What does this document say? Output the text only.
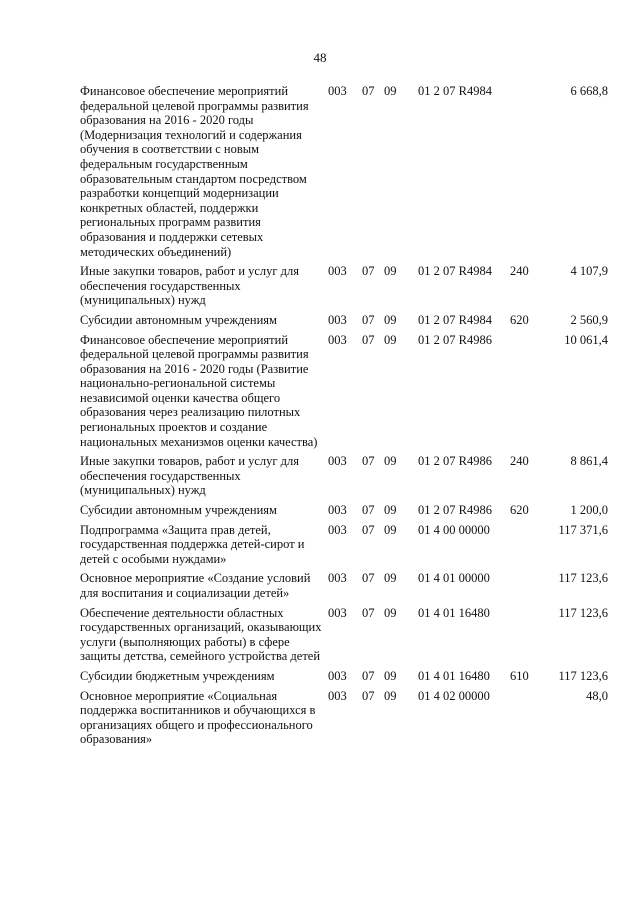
48
Финансовое обеспечение мероприятий федеральной целевой программы развития образования на 2016 - 2020 годы (Модернизация технологий и содержания обучения в соответствии с новым федеральным государственным образовательным стандартом посредством разработки концепций модернизации конкретных областей, поддержки региональных программ развития образования и поддержки сетевых методических объединений)	003	07	09	01 2 07 R4984		6 668,8
Иные закупки товаров, работ и услуг для обеспечения государственных (муниципальных) нужд	003	07	09	01 2 07 R4984	240	4 107,9
Субсидии автономным учреждениям	003	07	09	01 2 07 R4984	620	2 560,9
Финансовое обеспечение мероприятий федеральной целевой программы развития образования на 2016 - 2020 годы (Развитие национально-региональной системы независимой оценки качества общего образования через реализацию пилотных региональных проектов и создание национальных механизмов оценки качества)	003	07	09	01 2 07 R4986		10 061,4
Иные закупки товаров, работ и услуг для обеспечения государственных (муниципальных) нужд	003	07	09	01 2 07 R4986	240	8 861,4
Субсидии автономным учреждениям	003	07	09	01 2 07 R4986	620	1 200,0
Подпрограмма «Защита прав детей, государственная поддержка детей-сирот и детей с особыми нуждами»	003	07	09	01 4 00 00000		117 371,6
Основное мероприятие «Создание условий для воспитания и социализации детей»	003	07	09	01 4 01 00000		117 123,6
Обеспечение деятельности областных государственных организаций, оказывающих услуги (выполняющих работы) в сфере защиты детства, семейного устройства детей	003	07	09	01 4 01 16480		117 123,6
Субсидии бюджетным учреждениям	003	07	09	01 4 01 16480	610	117 123,6
Основное мероприятие «Социальная поддержка воспитанников и обучающихся в организациях общего и профессионального образования»	003	07	09	01 4 02 00000		48,0
